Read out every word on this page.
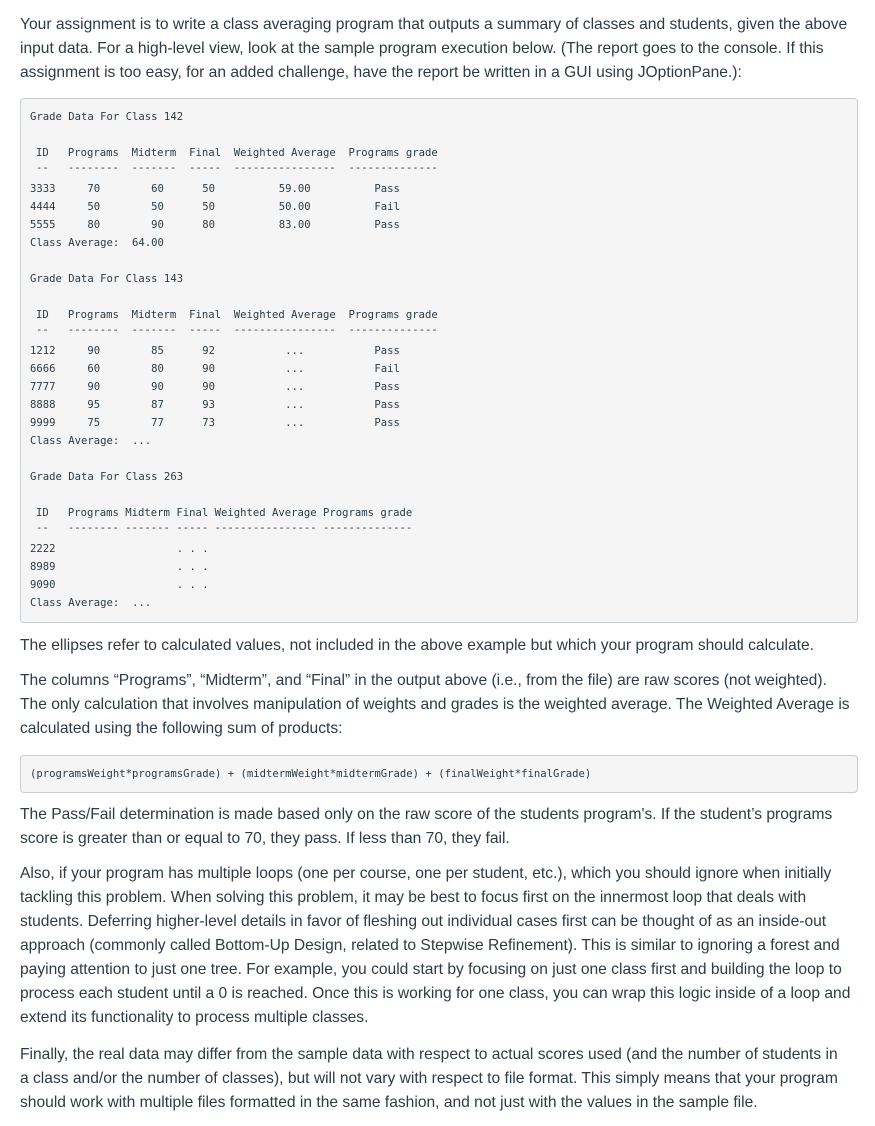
Your assignment is to write a class averaging program that outputs a summary of classes and students, given the above
input data. For a high-level view, look at the sample program execution below. (The report goes to the console. If this
assignment is too easy, for an added challenge, have the report be written in a GUI using JOptionPane.):

Grade Data For Class 142
ID   Programs  Midterm  Final  Weighted Average  Programs grade
--   --------  -------  -----  ----------------  --------------
3333     70        60      50          59.00          Pass
4444     50        50      50          50.00          Fail
5555     80        90      80          83.00          Pass
Class Average:  64.00
Grade Data For Class 143
ID   Programs  Midterm  Final  Weighted Average  Programs grade
--   --------  -------  -----  ----------------  --------------
1212     90        85      92           ...           Pass
6666     60        80      90           ...           Fail
7777     90        90      90           ...           Pass
8888     95        87      93           ...           Pass
9999     75        77      73           ...           Pass
Class Average:  ...
Grade Data For Class 263
ID   Programs Midterm Final Weighted Average Programs grade
--   -------- ------- ----- ---------------- --------------
2222                   . . .
8989                   . . .
9090                   . . .
Class Average:  ...

The ellipses refer to calculated values, not included in the above example but which your program should calculate.

The columns “Programs”, “Midterm”, and “Final” in the output above (i.e., from the file) are raw scores (not weighted).
The only calculation that involves manipulation of weights and grades is the weighted average. The Weighted Average is
calculated using the following sum of products:

(programsWeight*programsGrade) + (midtermWeight*midtermGrade) + (finalWeight*finalGrade)

The Pass/Fail determination is made based only on the raw score of the students program's. If the student’s programs
score is greater than or equal to 70, they pass. If less than 70, they fail.

Also, if your program has multiple loops (one per course, one per student, etc.), which you should ignore when initially
tackling this problem. When solving this problem, it may be best to focus first on the innermost loop that deals with
students. Deferring higher-level details in favor of fleshing out individual cases first can be thought of as an inside-out
approach (commonly called Bottom-Up Design, related to Stepwise Refinement). This is similar to ignoring a forest and
paying attention to just one tree. For example, you could start by focusing on just one class first and building the loop to
process each student until a 0 is reached. Once this is working for one class, you can wrap this logic inside of a loop and
extend its functionality to process multiple classes.

Finally, the real data may differ from the sample data with respect to actual scores used (and the number of students in
a class and/or the number of classes), but will not vary with respect to file format. This simply means that your program
should work with multiple files formatted in the same fashion, and not just with the values in the sample file.
